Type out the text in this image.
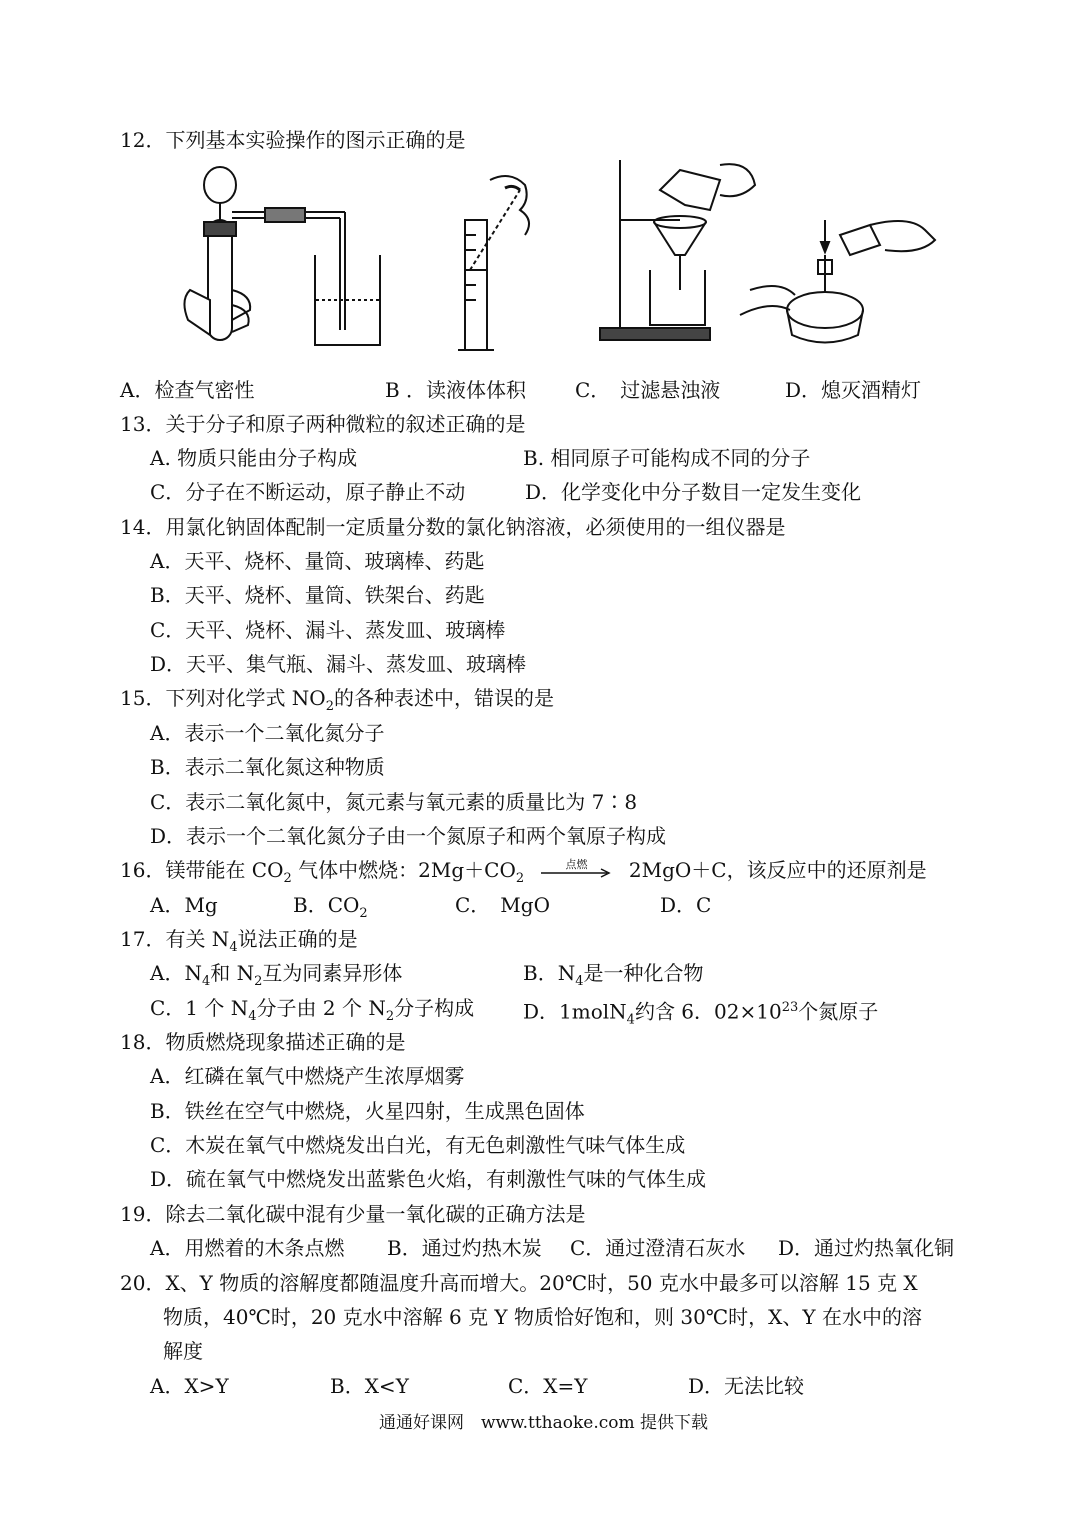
12．下列基本实验操作的图示正确的是
A．检查气密性	B ．读液体体积 C．　过滤悬浊液	D．熄灭酒精灯
13．关于分子和原子两种微粒的叙述正确的是
A. 物质只能由分子构成	B. 相同原子可能构成不同的分子
C．分子在不断运动，原子静止不动	D．化学变化中分子数目一定发生变化
14．用氯化钠固体配制一定质量分数的氯化钠溶液，必须使用的一组仪器是
A．天平、烧杯、量筒、玻璃棒、药匙
B．天平、烧杯、量筒、铁架台、药匙
C．天平、烧杯、漏斗、蒸发皿、玻璃棒
D．天平、集气瓶、漏斗、蒸发皿、玻璃棒
15．下列对化学式 $NO_2$的各种表述中，错误的是
A．表示一个二氧化氮分子
B．表示二氧化氮这种物质
C．表示二氧化氮中，氮元素与氧元素的质量比为 7∶8
D．表示一个二氧化氮分子由一个氮原子和两个氧原子构成
16．镁带能在 $CO_2$ 气体中燃烧：$2Mg+CO_2$
点燃	2MgO＋C，该反应中的还原剂是
A．Mg	B．$CO_2$	C．　MgO	D．C
17．有关 $N_4$说法正确的是
A．$N_4$和 $N_2$互为同素异形体	B．$N_4$是一种化合物
C．1 个 $N_4$分子由 2 个 $N_2$分子构成 D．1molN$_4$约含 6．$02\times 10^{23}$个氮原子
18．物质燃烧现象描述正确的是
A．红磷在氧气中燃烧产生浓厚烟雾
B．铁丝在空气中燃烧，火星四射，生成黑色固体
C．木炭在氧气中燃烧发出白光，有无色刺激性气味气体生成
D．硫在氧气中燃烧发出蓝紫色火焰，有刺激性气味的气体生成
19．除去二氧化碳中混有少量一氧化碳的正确方法是
A．用燃着的木条点燃 B．通过灼热木炭 C．通过澄清石灰水 D．通过灼热氧化铜
20．X、Y 物质的溶解度都随温度升高而增大。20℃时，50 克水中最多可以溶解 15 克 X
物质，40℃时，20 克水中溶解 6 克 Y 物质恰好饱和，则 30℃时，X、Y 在水中的溶
解度
A．X>Y	B．X<Y	C．X=Y	D．无法比较
通通好课网　www.tthaoke.com 提供下载
